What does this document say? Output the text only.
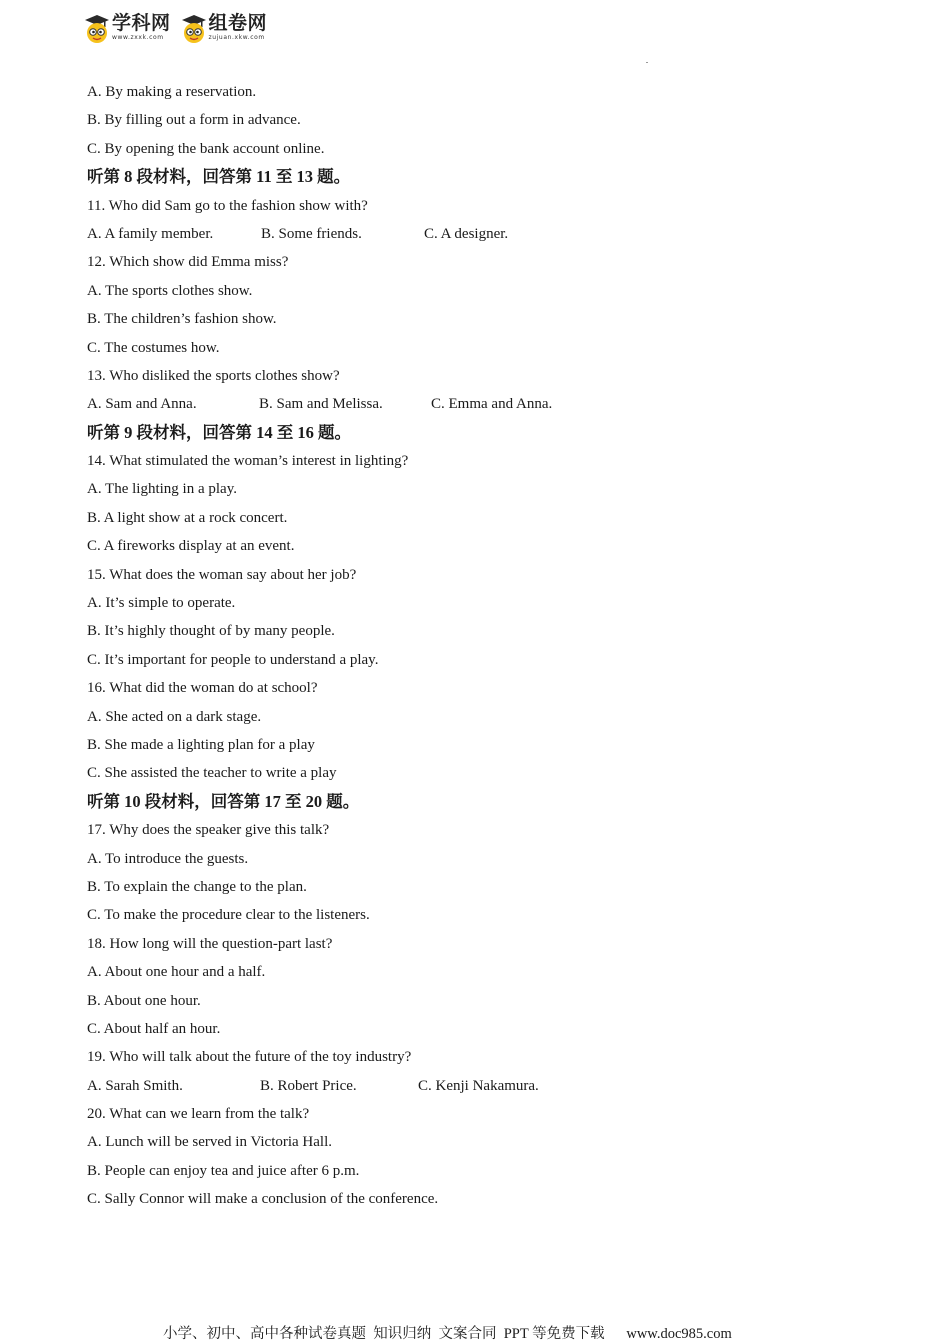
学科网
www.zxxk.com
组卷网
zujuan.xkw.com
A. By making a reservation.
B. By filling out a form in advance.
C. By opening the bank account online.
听第 8 段材料，回答第 11 至 13 题。
11. Who did Sam go to the fashion show with?
A. A family member.	B. Some friends.	C. A designer.
12. Which show did Emma miss?
A. The sports clothes show.
B. The children’s fashion show.
C. The costumes how.
13. Who disliked the sports clothes show?
A. Sam and Anna.	B. Sam and Melissa.	C. Emma and Anna.
听第 9 段材料，回答第 14 至 16 题。
14. What stimulated the woman’s interest in lighting?
A. The lighting in a play.
B. A light show at a rock concert.
C. A fireworks display at an event.
15. What does the woman say about her job?
A. It’s simple to operate.
B. It’s highly thought of by many people.
C. It’s important for people to understand a play.
16. What did the woman do at school?
A. She acted on a dark stage.
B. She made a lighting plan for a play
C. She assisted the teacher to write a play
听第 10 段材料，回答第 17 至 20 题。
17. Why does the speaker give this talk?
A. To introduce the guests.
B. To explain the change to the plan.
C. To make the procedure clear to the listeners.
18. How long will the question-part last?
A. About one hour and a half.
B. About one hour.
C. About half an hour.
19. Who will talk about the future of the toy industry?
A. Sarah Smith.	B. Robert Price.	C. Kenji Nakamura.
20. What can we learn from the talk?
A. Lunch will be served in Victoria Hall.
B. People can enjoy tea and juice after 6 p.m.
C. Sally Connor will make a conclusion of the conference.
小学、初中、高中各种试卷真题  知识归纳  文案合同  PPT 等免费下载      www.doc985.com
